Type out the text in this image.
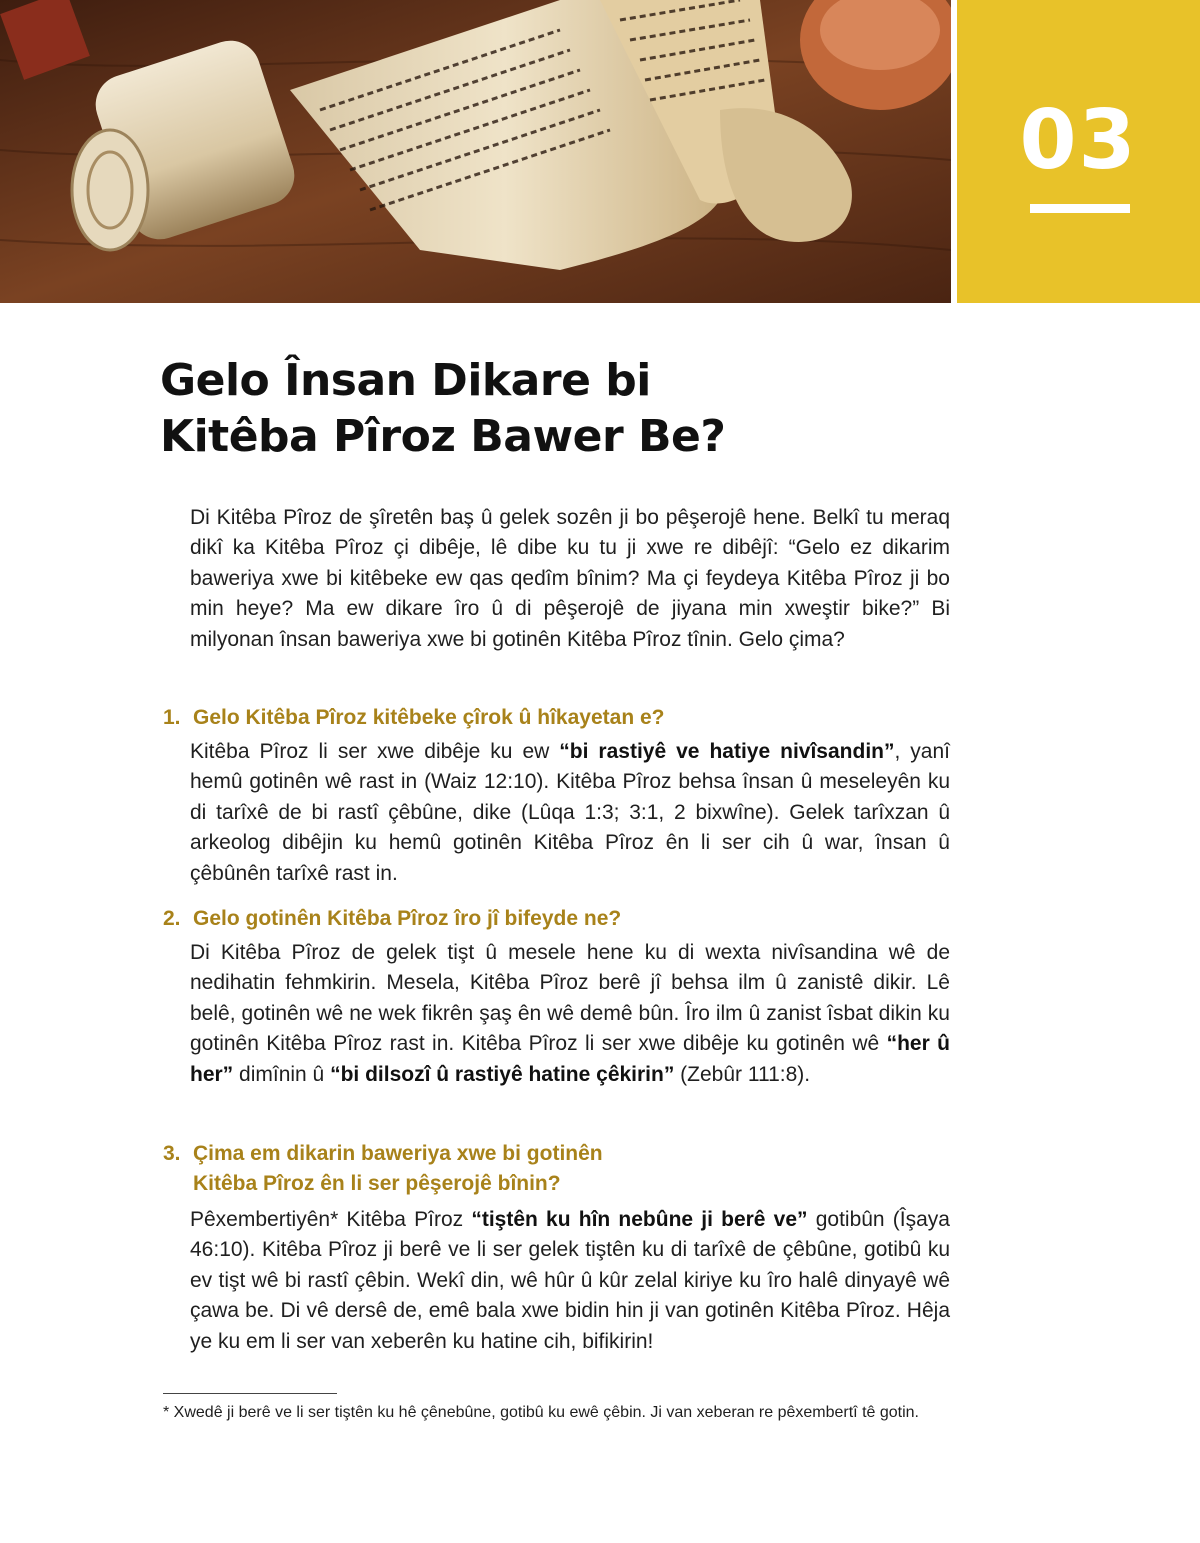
03
Gelo Însan Dikare bi
Kitêba Pîroz Bawer Be?

Di Kitêba Pîroz de şîretên baş û gelek sozên ji bo pêşerojê hene. Belkî tu meraq dikî ka Kitêba Pîroz çi dibêje, lê dibe ku tu ji xwe re dibêjî: “Gelo ez dikarim baweriya xwe bi kitêbeke ew qas qedîm bînim? Ma çi feydeya Kitêba Pîroz ji bo min heye? Ma ew dikare îro û di pêşerojê de jiyana min xweştir bike?” Bi milyonan însan baweriya xwe bi gotinên Kitêba Pîroz tînin. Gelo çima?

1. Gelo Kitêba Pîroz kitêbeke çîrok û hîkayetan e?

Kitêba Pîroz li ser xwe dibêje ku ew “bi rastiyê ve hatiye nivîsandin”, yanî hemû gotinên wê rast in (Waiz 12:10). Kitêba Pîroz behsa însan û meseleyên ku di tarîxê de bi rastî çêbûne, dike (Lûqa 1:3; 3:1, 2 bixwîne). Gelek tarîxzan û arkeolog dibêjin ku hemû gotinên Kitêba Pîroz ên li ser cih û war, însan û çêbûnên tarîxê rast in.

2. Gelo gotinên Kitêba Pîroz îro jî bifeyde ne?

Di Kitêba Pîroz de gelek tişt û mesele hene ku di wexta nivîsandina wê de nedihatin fehmkirin. Mesela, Kitêba Pîroz berê jî behsa ilm û zanistê dikir. Lê belê, gotinên wê ne wek fikrên şaş ên wê demê bûn. Îro ilm û zanist îsbat dikin ku gotinên Kitêba Pîroz rast in. Kitêba Pîroz li ser xwe dibêje ku gotinên wê “her û her” dimînin û “bi dilsozî û rastiyê hatine çêkirin” (Zebûr 111:8).

3. Çima em dikarin baweriya xwe bi gotinên
Kitêba Pîroz ên li ser pêşerojê bînin?

Pêxembertiyên* Kitêba Pîroz “tiştên ku hîn nebûne ji berê ve” gotibûn (Îşaya 46:10). Kitêba Pîroz ji berê ve li ser gelek tiştên ku di tarîxê de çêbûne, gotibû ku ev tişt wê bi rastî çêbin. Wekî din, wê hûr û kûr zelal kiriye ku îro halê dinyayê wê çawa be. Di vê dersê de, emê bala xwe bidin hin ji van gotinên Kitêba Pîroz. Hêja ye ku em li ser van xeberên ku hatine cih, bifikirin!

* Xwedê ji berê ve li ser tiştên ku hê çênebûne, gotibû ku ewê çêbin. Ji van xeberan re pêxembertî tê gotin.
